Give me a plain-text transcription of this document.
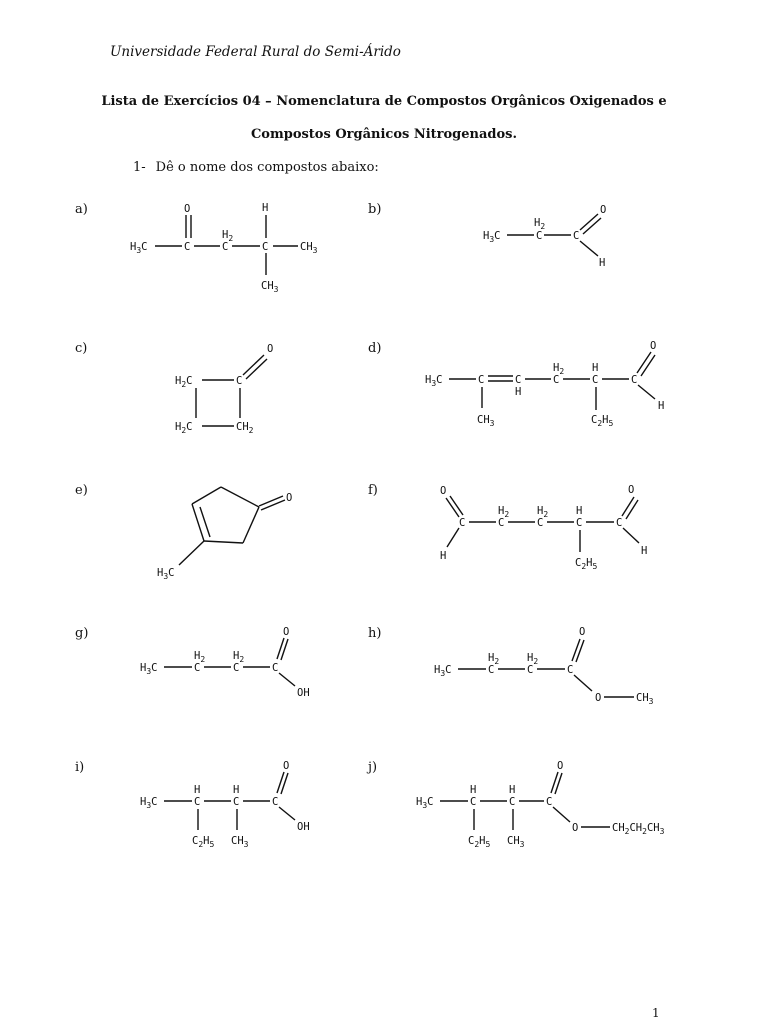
Universidade Federal Rural do Semi-Árido
Lista de Exercícios 04 – Nomenclatura de Compostos Orgânicos Oxigenados e
Compostos Orgânicos Nitrogenados.
1- Dê o nome dos compostos abaixo:
a)	b)
c)	d)
e)	f)
g)	h)
i)	j)
$H_3C$	C
O
C
$H_2$
C
H
$CH_3$
$CH_3$
$H_3C$	C
$H_2$
C
O
H
$H_2C$	C
O
$H_2C$	$CH_2$
$H_3C$	C
$CH_3$
C
H
C
$H_2$
C
H
$C_2H_5$
C
O
H
O
$H_3C$
O
C
H
C
$H_2$
C
$H_2$
C
H
$C_2H_5$
C
O
H
$H_3C$	C
$H_2$
C
$H_2$
C
O
OH
$H_3C$	C
$H_2$
C
$H_2$
C
O
O	$CH_3$
$H_3C$	C
H
$C_2H_5$
C
H
$CH_3$
C
O
OH
$H_3C$	C
H
$C_2H_5$
C
H
$CH_3$
C
O
O	$CH_2CH_2CH_3$
1
